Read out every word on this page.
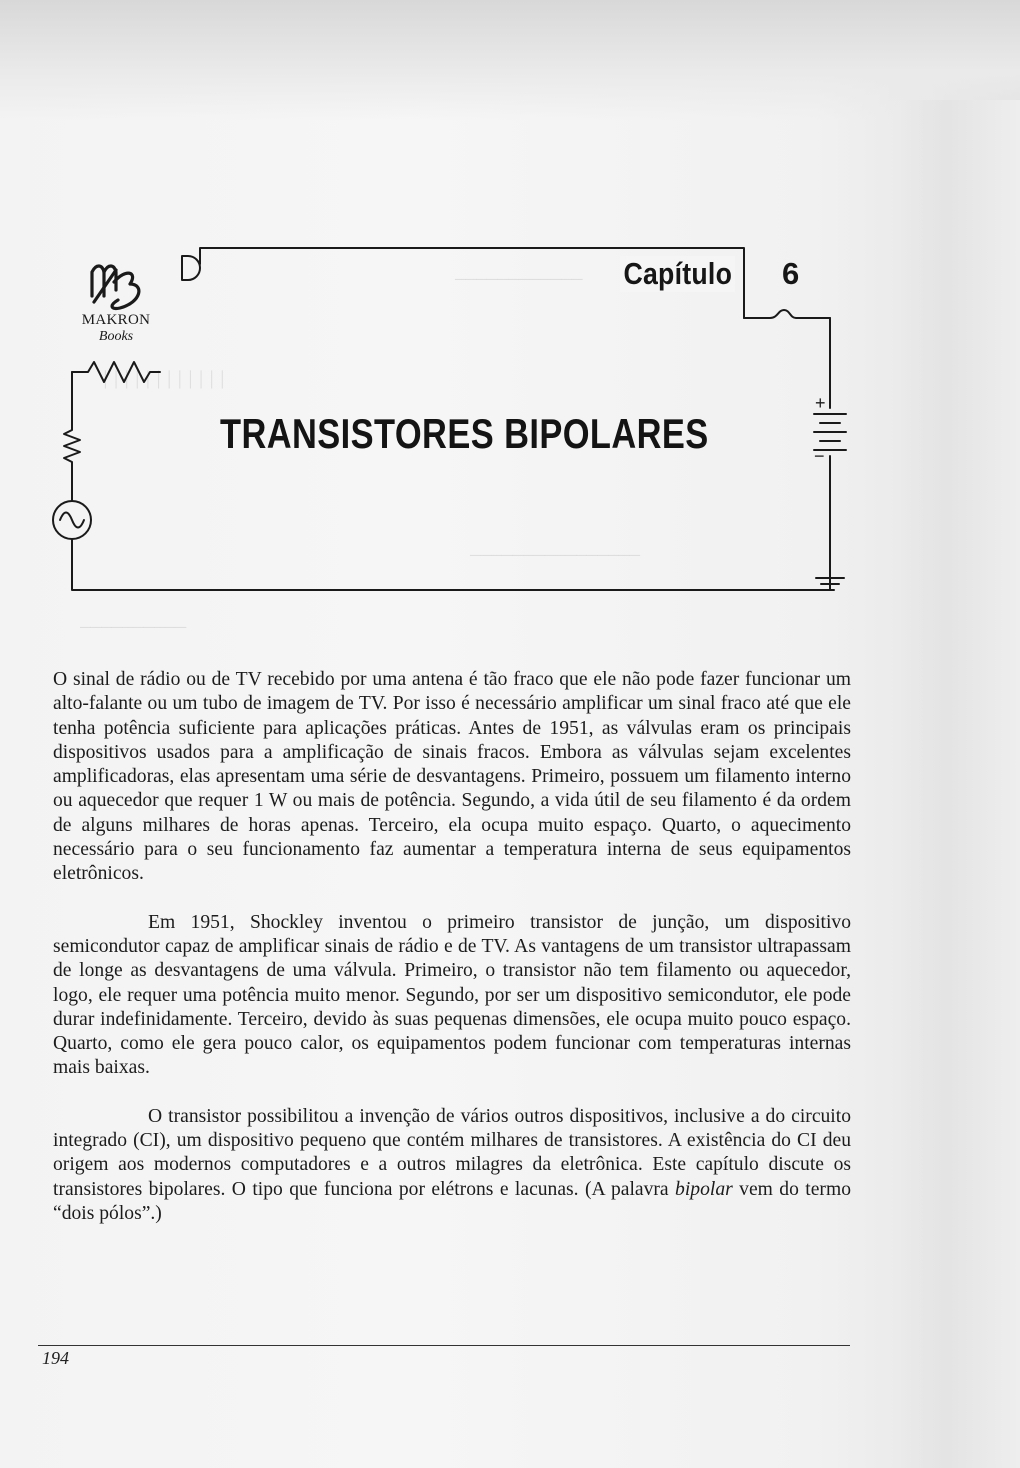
+
−
MAKRON
Books
Capítulo 6
TRANSISTORES BIPOLARES

O sinal de rádio ou de TV recebido por uma antena é tão fraco que ele não pode fazer funcionar um alto-falante ou um tubo de imagem de TV. Por isso é necessário amplificar um sinal fraco até que ele tenha potência suficiente para aplicações práticas. Antes de 1951, as válvulas eram os principais dispositivos usados para a amplificação de sinais fracos. Embora as válvulas sejam excelentes amplificadoras, elas apresentam uma série de desvantagens. Primeiro, possuem um filamento interno ou aquecedor que requer 1 W ou mais de potência. Segundo, a vida útil de seu filamento é da ordem de alguns milhares de horas apenas. Terceiro, ela ocupa muito espaço. Quarto, o aquecimento necessário para o seu funcionamento faz aumentar a temperatura interna de seus equipamentos eletrônicos.

Em 1951, Shockley inventou o primeiro transistor de junção, um dispositivo semicondutor capaz de amplificar sinais de rádio e de TV. As vantagens de um transistor ultrapassam de longe as desvantagens de uma válvula. Primeiro, o transistor não tem filamento ou aquecedor, logo, ele requer uma potência muito menor. Segundo, por ser um dispositivo semicondutor, ele pode durar indefinidamente. Terceiro, devido às suas pequenas dimensões, ele ocupa muito pouco espaço. Quarto, como ele gera pouco calor, os equipamentos podem funcionar com temperaturas internas mais baixas.

O transistor possibilitou a invenção de vários outros dispositivos, inclusive a do circuito integrado (CI), um dispositivo pequeno que contém milhares de transistores. A existência do CI deu origem aos modernos computadores e a outros milagres da eletrônica. Este capítulo discute os transistores bipolares. O tipo que funciona por elétrons e lacunas. (A palavra bipolar vem do termo “dois pólos”.)

194
